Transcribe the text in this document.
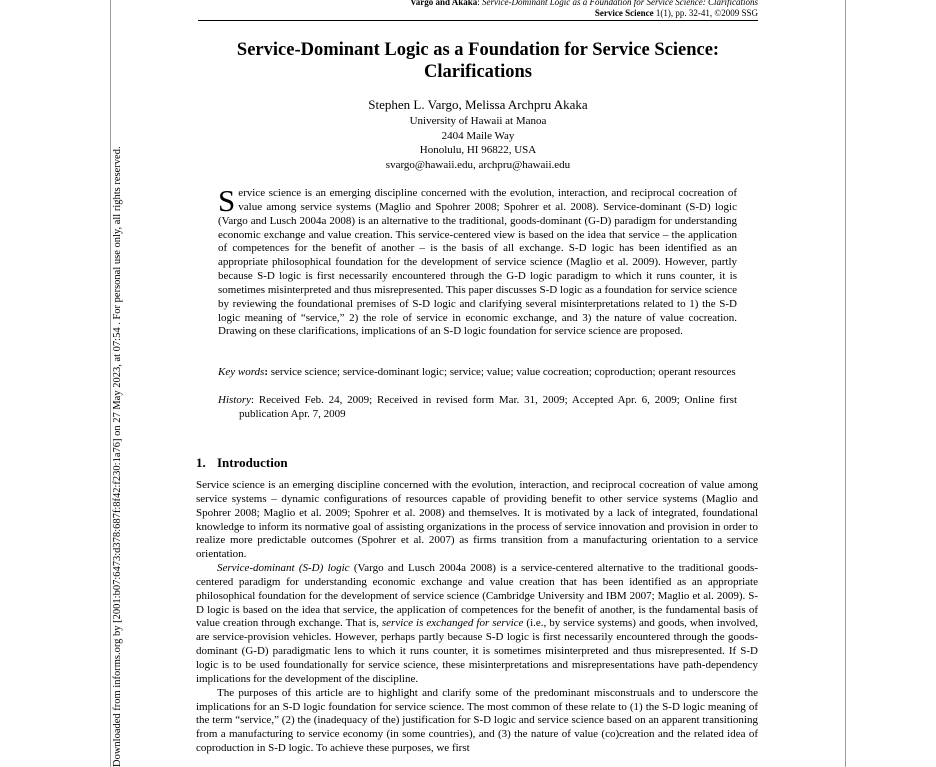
Downloaded from informs.org by [2001:b07:6473:d378:687f:8f42:f230:1a76] on 27 May 2023, at 07:54 . For personal use only, all rights reserved.
Vargo and Akaka: Service-Dominant Logic as a Foundation for Service Science: Clarifications
Service Science 1(1), pp. 32-41, ©2009 SSG
Service-Dominant Logic as a Foundation for Service Science: Clarifications
Stephen L. Vargo, Melissa Archpru Akaka
University of Hawaii at Manoa
2404 Maile Way
Honolulu, HI 96822, USA
svargo@hawaii.edu, archpru@hawaii.edu

Service science is an emerging discipline concerned with the evolution, interaction, and reciprocal cocreation of value among service systems (Maglio and Spohrer 2008; Spohrer et al. 2008). Service-dominant (S-D) logic (Vargo and Lusch 2004a 2008) is an alternative to the traditional, goods-dominant (G-D) paradigm for understanding economic exchange and value creation. This service-centered view is based on the idea that service – the application of competences for the benefit of another – is the basis of all exchange. S-D logic has been identified as an appropriate philosophical foundation for the development of service science (Maglio et al. 2009). However, partly because S-D logic is first necessarily encountered through the G-D logic paradigm to which it runs counter, it is sometimes misinterpreted and thus misrepresented. This paper discusses S-D logic as a foundation for service science by reviewing the foundational premises of S-D logic and clarifying several misinterpretations related to 1) the S-D logic meaning of “service,” 2) the role of service in economic exchange, and 3) the nature of value cocreation. Drawing on these clarifications, implications of an S-D logic foundation for service science are proposed.

Key words: service science; service-dominant logic; service; value; value cocreation; coproduction; operant resources

History: Received Feb. 24, 2009; Received in revised form Mar. 31, 2009; Accepted Apr. 6, 2009; Online first publication Apr. 7, 2009

1. Introduction

Service science is an emerging discipline concerned with the evolution, interaction, and reciprocal cocreation of value among service systems – dynamic configurations of resources capable of providing benefit to other service systems (Maglio and Spohrer 2008; Maglio et al. 2009; Spohrer et al. 2008) and themselves. It is motivated by a lack of integrated, foundational knowledge to inform its normative goal of assisting organizations in the process of service innovation and provision in order to realize more predictable outcomes (Spohrer et al. 2007) as firms transition from a manufacturing orientation to a service orientation.

Service-dominant (S-D) logic (Vargo and Lusch 2004a 2008) is a service-centered alternative to the traditional goods-centered paradigm for understanding economic exchange and value creation that has been identified as an appropriate philosophical foundation for the development of service science (Cambridge University and IBM 2007; Maglio et al. 2009). S-D logic is based on the idea that service, the application of competences for the benefit of another, is the fundamental basis of value creation through exchange. That is, service is exchanged for service (i.e., by service systems) and goods, when involved, are service-provision vehicles. However, perhaps partly because S-D logic is first necessarily encountered through the goods-dominant (G-D) paradigmatic lens to which it runs counter, it is sometimes misinterpreted and thus misrepresented. If S-D logic is to be used foundationally for service science, these misinterpretations and misrepresentations have path-dependency implications for the development of the discipline.

The purposes of this article are to highlight and clarify some of the predominant misconstruals and to underscore the implications for an S-D logic foundation for service science. The most common of these relate to (1) the S-D logic meaning of the term “service,” (2) the (inadequacy of the) justification for S-D logic and service science based on an apparent transitioning from a manufacturing to service economy (in some countries), and (3) the nature of value (co)creation and the related idea of coproduction in S-D logic. To achieve these purposes, we first
